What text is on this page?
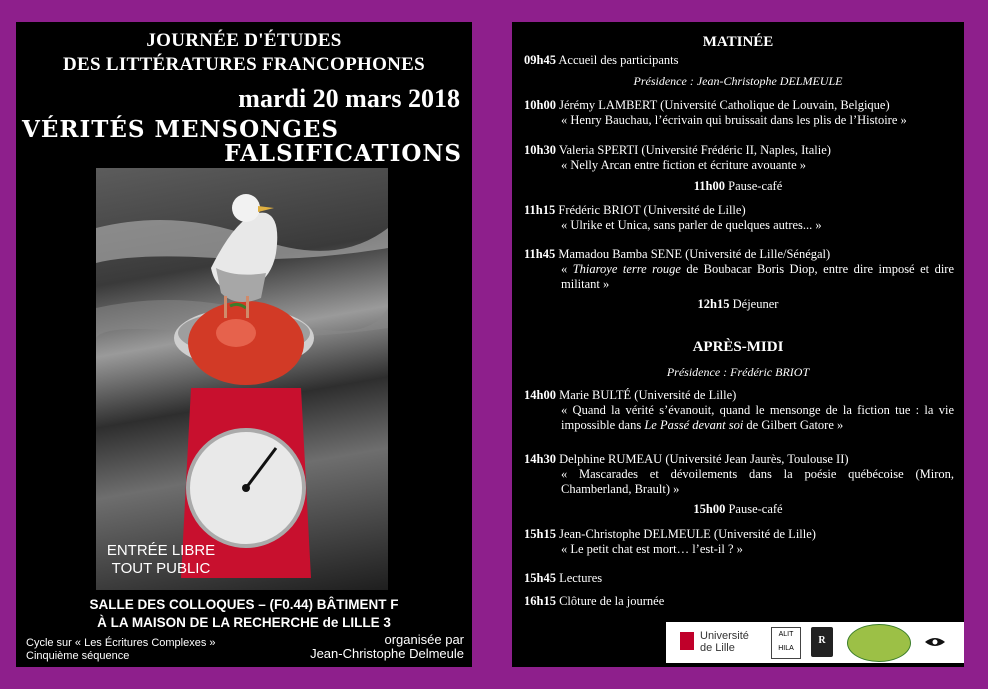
JOURNÉE D'ÉTUDES
DES LITTÉRATURES FRANCOPHONES
mardi 20 mars 2018
VÉRITÉS MENSONGES
FALSIFICATIONS
ENTRÉE LIBRE
TOUT PUBLIC
SALLE DES COLLOQUES – (F0.44) BÂTIMENT F
À LA MAISON DE LA RECHERCHE de LILLE 3
Cycle sur « Les Écritures Complexes »
Cinquième séquence
organisée par
Jean-Christophe Delmeule
MATINÉE
09h45 Accueil des participants
Présidence : Jean-Christophe DELMEULE
10h00 Jérémy LAMBERT (Université Catholique de Louvain, Belgique)
« Henry Bauchau, l’écrivain qui bruissait dans les plis de l’Histoire »
10h30 Valeria SPERTI (Université Frédéric II, Naples, Italie)
« Nelly Arcan entre fiction et écriture avouante »
11h00 Pause-café
11h15 Frédéric BRIOT (Université de Lille)
« Ulrike et Unica, sans parler de quelques autres... »
11h45 Mamadou Bamba SENE (Université de Lille/Sénégal)
« Thiaroye terre rouge de Boubacar Boris Diop, entre dire imposé et dire militant »
12h15 Déjeuner
APRÈS-MIDI
Présidence : Frédéric BRIOT
14h00 Marie BULTÉ (Université de Lille)
« Quand la vérité s’évanouit, quand le mensonge de la fiction tue : la vie impossible dans Le Passé devant soi de Gilbert Gatore »
14h30 Delphine RUMEAU (Université Jean Jaurès, Toulouse II)
« Mascarades et dévoilements dans la poésie québécoise (Miron, Chamberland, Brault) »
15h00 Pause-café
15h15 Jean-Christophe DELMEULE (Université de Lille)
« Le petit chat est mort… l’est-il ? »
15h45 Lectures
16h15 Clôture de la journée
Université
de Lille
ALIT
HILA
R
